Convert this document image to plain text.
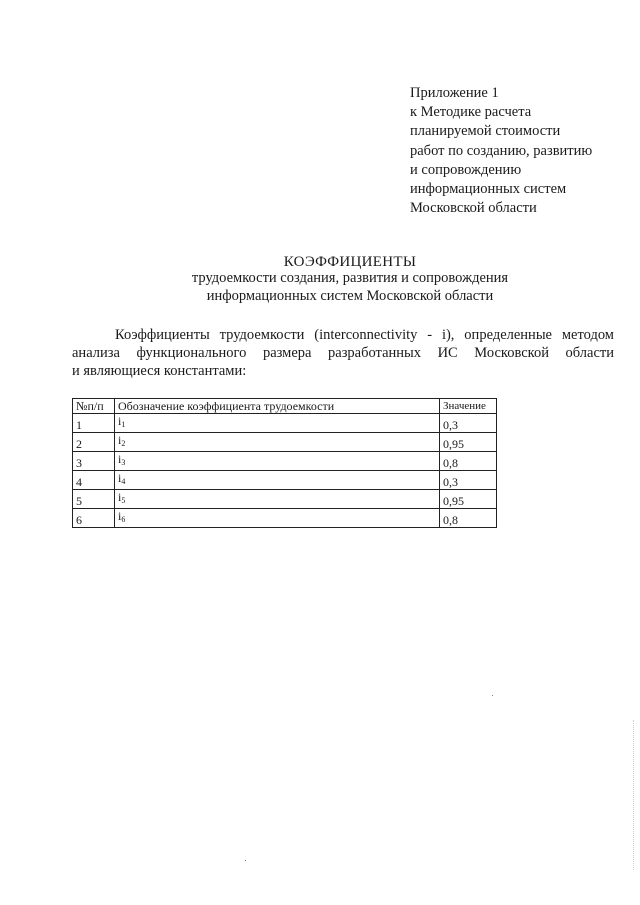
Приложение 1
к Методике расчета
планируемой стоимости
работ по созданию, развитию
и сопровождению
информационных систем
Московской области
КОЭФФИЦИЕНТЫ
трудоемкости создания, развития и сопровождения
информационных систем Московской области
Коэффициенты трудоемкости (interconnectivity - i), определенные методом
анализа функционального размера разработанных ИС Московской области
и являющиеся константами:
№п/п	Обозначение коэффициента трудоемкости	Значение
1	$i_1$	0,3
2	$i_2$	0,95
3	$i_3$	0,8
4	$i_4$	0,3
5	$i_5$	0,95
6	$i_6$	0,8
